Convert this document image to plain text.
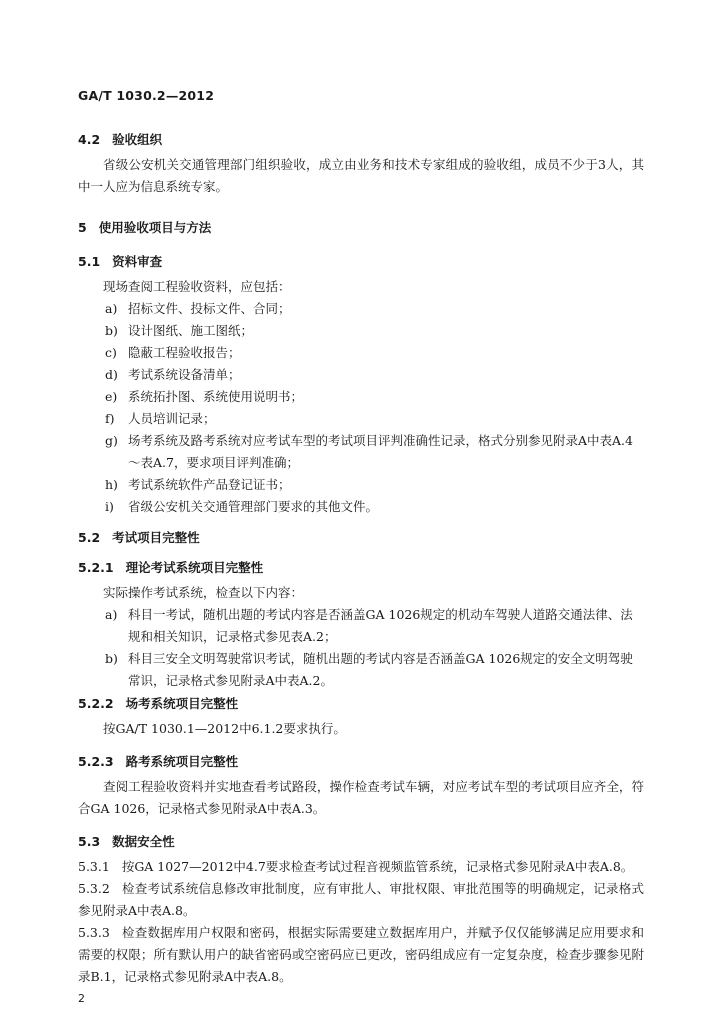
GA/T 1030.2—2012
4.2 验收组织
省级公安机关交通管理部门组织验收，成立由业务和技术专家组成的验收组，成员不少于3人，其中一人应为信息系统专家。
5 使用验收项目与方法
5.1 资料审查
现场查阅工程验收资料，应包括：
a) 招标文件、投标文件、合同；
b) 设计图纸、施工图纸；
c) 隐蔽工程验收报告；
d) 考试系统设备清单；
e) 系统拓扑图、系统使用说明书；
f) 人员培训记录；
g) 场考系统及路考系统对应考试车型的考试项目评判准确性记录，格式分别参见附录A中表A.4～表A.7，要求项目评判准确；
h) 考试系统软件产品登记证书；
i) 省级公安机关交通管理部门要求的其他文件。
5.2 考试项目完整性
5.2.1 理论考试系统项目完整性
实际操作考试系统，检查以下内容：
a) 科目一考试，随机出题的考试内容是否涵盖GA 1026规定的机动车驾驶人道路交通法律、法规和相关知识，记录格式参见表A.2；
b) 科目三安全文明驾驶常识考试，随机出题的考试内容是否涵盖GA 1026规定的安全文明驾驶常识，记录格式参见附录A中表A.2。
5.2.2 场考系统项目完整性
按GA/T 1030.1—2012中6.1.2要求执行。
5.2.3 路考系统项目完整性
查阅工程验收资料并实地查看考试路段，操作检查考试车辆，对应考试车型的考试项目应齐全，符合GA 1026，记录格式参见附录A中表A.3。
5.3 数据安全性
5.3.1 按GA 1027—2012中4.7要求检查考试过程音视频监管系统，记录格式参见附录A中表A.8。
5.3.2 检查考试系统信息修改审批制度，应有审批人、审批权限、审批范围等的明确规定，记录格式参见附录A中表A.8。
2
5.3.3 检查数据库用户权限和密码，根据实际需要建立数据库用户，并赋予仅仅能够满足应用要求和需要的权限；所有默认用户的缺省密码或空密码应已更改，密码组成应有一定复杂度，检查步骤参见附录B.1，记录格式参见附录A中表A.8。
